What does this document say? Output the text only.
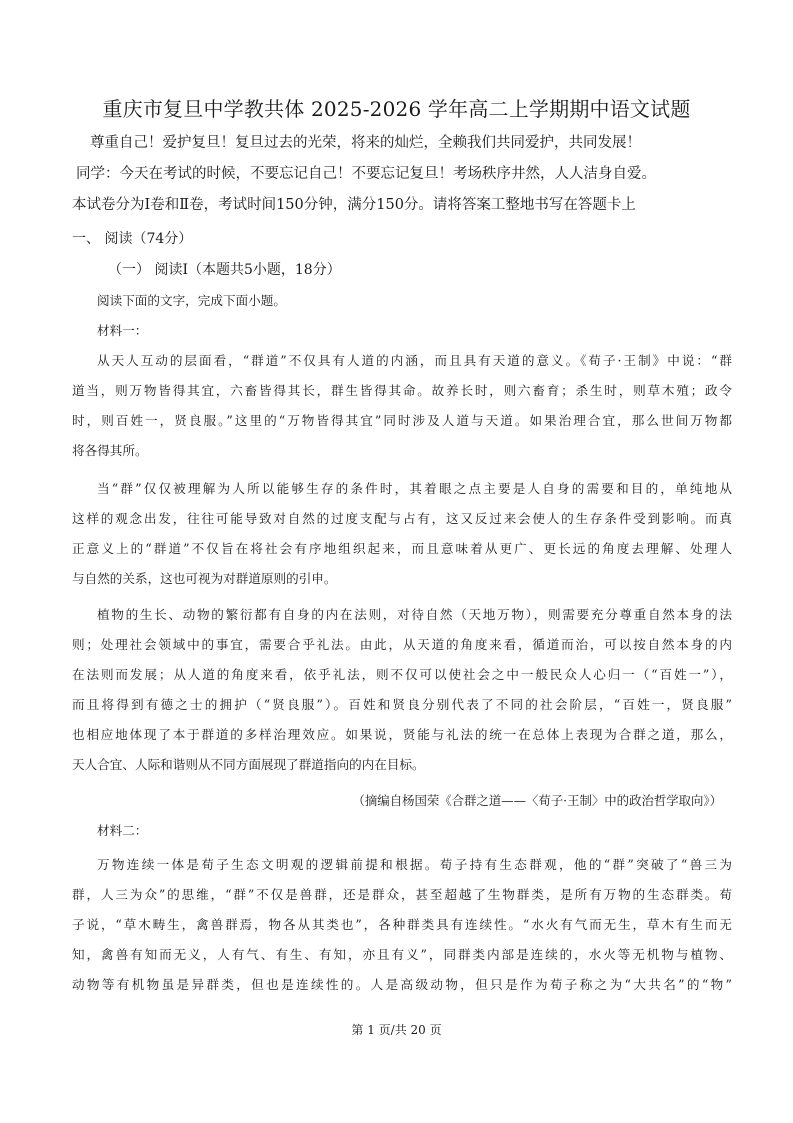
重庆市复旦中学教共体 2025-2026 学年高二上学期期中语文试题
尊重自己！爱护复旦！复旦过去的光荣，将来的灿烂，全赖我们共同爱护，共同发展！
同学：今天在考试的时候，不要忘记自己！不要忘记复旦！考场秩序井然，人人洁身自爱。
本试卷分为Ⅰ卷和Ⅱ卷，考试时间150分钟，满分150分。请将答案工整地书写在答题卡上
一、 阅读（74分）
（一） 阅读Ⅰ（本题共5小题，18分）
阅读下面的文字，完成下面小题。
材料一：
从天人互动的层面看，“群道”不仅具有人道的内涵，而且具有天道的意义。《荀子·王制》中说：“群
道当，则万物皆得其宜，六畜皆得其长，群生皆得其命。故养长时，则六畜育；杀生时，则草木殖；政令
时，则百姓一，贤良服。”这里的“万物皆得其宜”同时涉及人道与天道。如果治理合宜，那么世间万物都
将各得其所。
当“群”仅仅被理解为人所以能够生存的条件时，其着眼之点主要是人自身的需要和目的，单纯地从
这样的观念出发，往往可能导致对自然的过度支配与占有，这又反过来会使人的生存条件受到影响。而真
正意义上的“群道”不仅旨在将社会有序地组织起来，而且意味着从更广、更长远的角度去理解、处理人
与自然的关系，这也可视为对群道原则的引申。
植物的生长、动物的繁衍都有自身的内在法则，对待自然（天地万物），则需要充分尊重自然本身的法
则；处理社会领域中的事宜，需要合乎礼法。由此，从天道的角度来看，循道而治，可以按自然本身的内
在法则而发展；从人道的角度来看，依乎礼法，则不仅可以使社会之中一般民众人心归一（“百姓一”），
而且将得到有德之士的拥护（“贤良服”）。百姓和贤良分别代表了不同的社会阶层，“百姓一，贤良服”
也相应地体现了本于群道的多样治理效应。如果说，贤能与礼法的统一在总体上表现为合群之道，那么，
天人合宜、人际和谐则从不同方面展现了群道指向的内在目标。
（摘编自杨国荣《合群之道——〈荀子·王制〉中的政治哲学取向》）
材料二：
万物连续一体是荀子生态文明观的逻辑前提和根据。荀子持有生态群观，他的“群”突破了“兽三为
群，人三为众”的思维，“群”不仅是兽群，还是群众，甚至超越了生物群类，是所有万物的生态群类。荀
子说，“草木畴生，禽兽群焉，物各从其类也”，各种群类具有连续性。“水火有气而无生，草木有生而无
知，禽兽有知而无义，人有气、有生、有知，亦且有义”，同群类内部是连续的，水火等无机物与植物、
动物等有机物虽是异群类，但也是连续性的。人是高级动物，但只是作为荀子称之为“大共名”的“物”
第 1 页/共 20 页
